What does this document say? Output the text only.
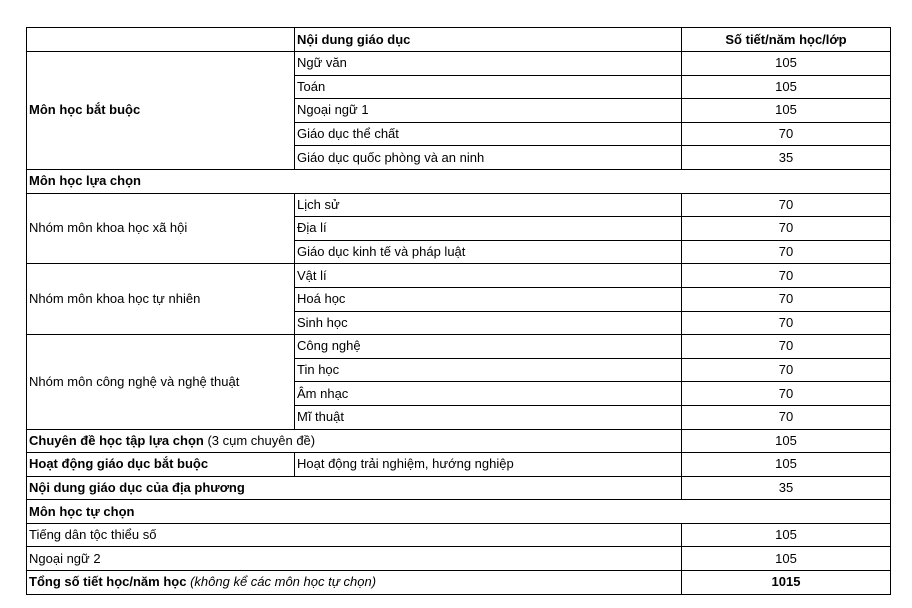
	Nội dung giáo dục	Số tiết/năm học/lớp
Môn học bắt buộc	Ngữ văn	105
	Toán	105
	Ngoại ngữ 1	105
	Giáo dục thể chất	70
	Giáo dục quốc phòng và an ninh	35
Môn học lựa chọn		
Nhóm môn khoa học xã hội	Lịch sử	70
	Địa lí	70
	Giáo dục kinh tế và pháp luật	70
Nhóm môn khoa học tự nhiên	Vật lí	70
	Hoá học	70
	Sinh học	70
Nhóm môn công nghệ và nghệ thuật	Công nghệ	70
	Tin học	70
	Âm nhạc	70
	Mĩ thuật	70
Chuyên đề học tập lựa chọn (3 cụm chuyên đề)		105
Hoạt động giáo dục bắt buộc	Hoạt động trải nghiệm, hướng nghiệp	105
Nội dung giáo dục của địa phương		35
Môn học tự chọn		
Tiếng dân tộc thiểu số		105
Ngoại ngữ 2		105
Tổng số tiết học/năm học (không kể các môn học tự chọn)		1015
